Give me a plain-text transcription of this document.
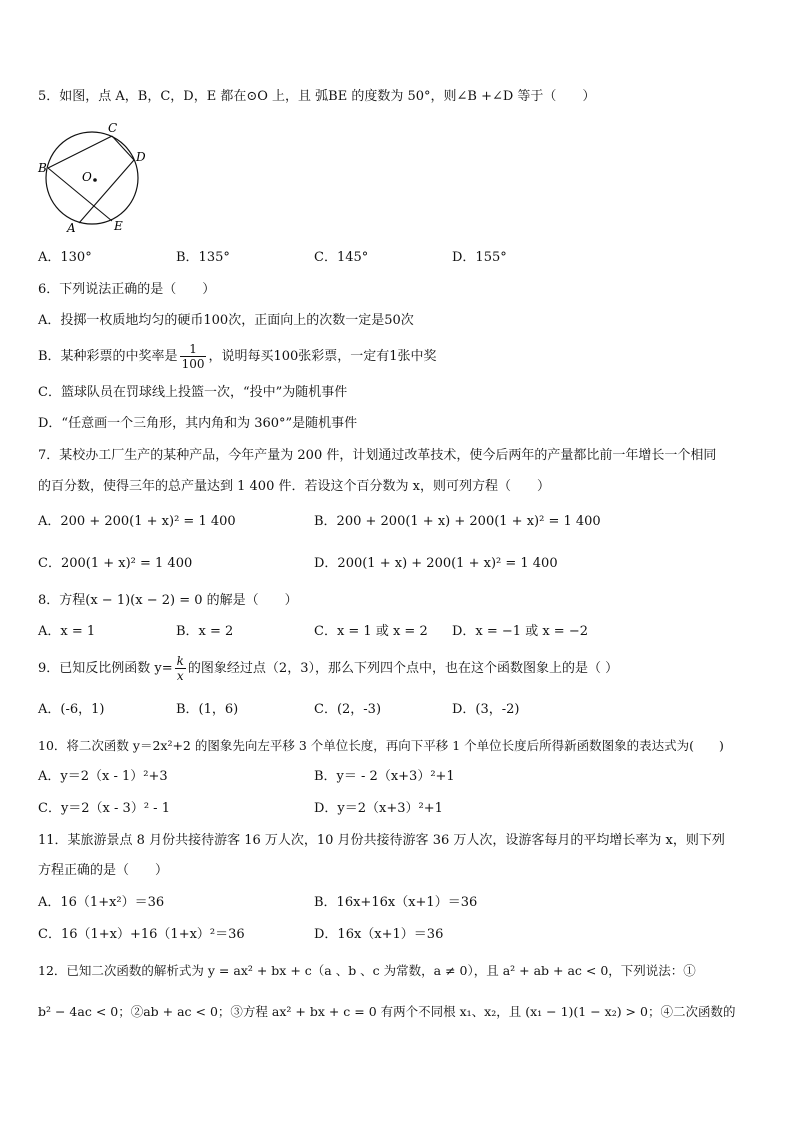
5．如图，点 A，B，C，D，E 都在⊙O 上，且 弧BE 的度数为 50°，则∠B +∠D 等于（　　）
C
D
B
O
A	E
A．130°	B．135°	C．145°	D．155°
6．下列说法正确的是（　　）
A．投掷一枚质地均匀的硬币100次，正面向上的次数一定是50次
B．某种彩票的中奖率是 $\frac{1}{100}$ ，说明每买100张彩票，一定有1张中奖
C．篮球队员在罚球线上投篮一次，“投中”为随机事件
D．“任意画一个三角形，其内角和为 360°”是随机事件
7．某校办工厂生产的某种产品，今年产量为 200 件，计划通过改革技术，使今后两年的产量都比前一年增长一个相同
的百分数，使得三年的总产量达到 1 400 件．若设这个百分数为 x，则可列方程（　　）
A．200 + 200(1 + x)² = 1 400	B．200 + 200(1 + x) + 200(1 + x)² = 1 400
C．200(1 + x)² = 1 400	D．200(1 + x) + 200(1 + x)² = 1 400
8．方程(x − 1)(x − 2) = 0 的解是（　　）
A．x = 1	B．x = 2	C．x = 1 或 x = 2 D．x = −1 或 x = −2
9．已知反比例函数 $y= \frac{k}{x}$ 的图象经过点（2，3），那么下列四个点中，也在这个函数图象上的是（ ）
A．(-6，1)	B．(1，6)	C．(2，-3)	D．(3，-2)
10．将二次函数 y＝2x²+2 的图象先向左平移 3 个单位长度，再向下平移 1 个单位长度后所得新函数图象的表达式为(　　)
A．y＝2（x - 1）²+3	B．y＝ - 2（x+3）²+1
C．y＝2（x - 3）² - 1	D．y＝2（x+3）²+1
11．某旅游景点 8 月份共接待游客 16 万人次，10 月份共接待游客 36 万人次，设游客每月的平均增长率为 x，则下列
方程正确的是（　　）
A．16（1+x²）＝36	B．16x+16x（x+1）＝36
C．16（1+x）+16（1+x）²＝36	D．16x（x+1）＝36
12．已知二次函数的解析式为 y = ax² + bx + c（a 、b 、c 为常数，a ≠ 0），且 a² + ab + ac < 0，下列说法：①
b² − 4ac < 0；②ab + ac < 0；③方程 ax² + bx + c = 0 有两个不同根 x₁、x₂，且 (x₁ − 1)(1 − x₂) > 0；④二次函数的
